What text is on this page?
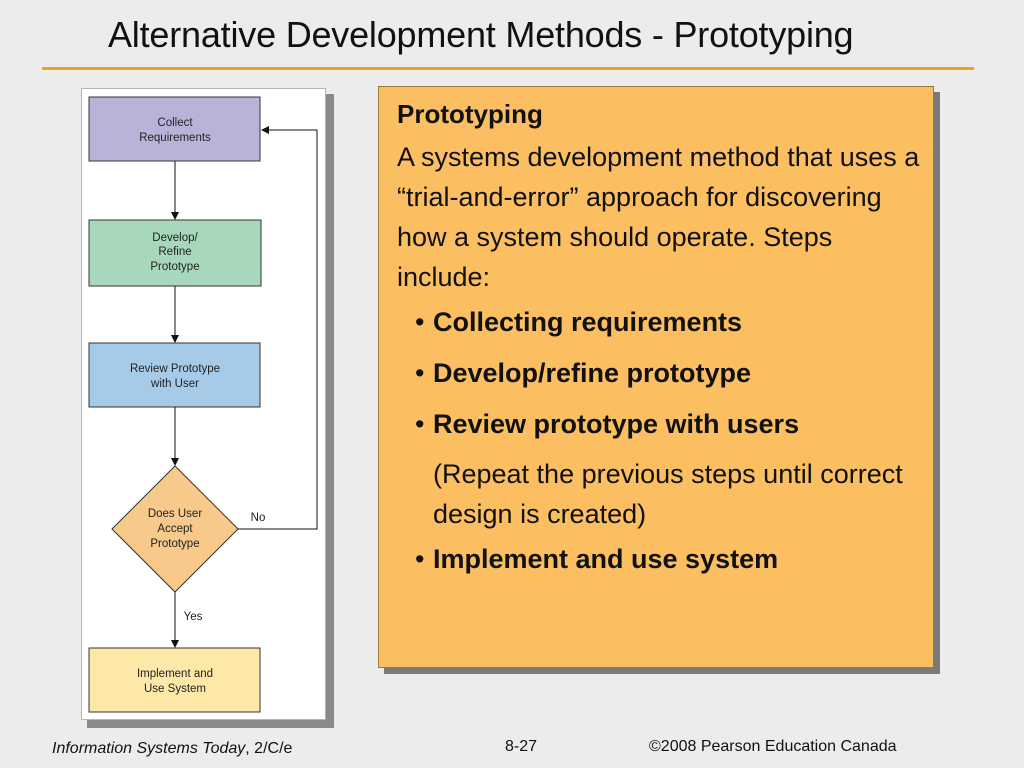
Alternative Development Methods - Prototyping
Collect
Requirements
Develop/
Refine
Prototype
Review Prototype
with User
Does User
Accept
Prototype
No
Yes
Implement and
Use System
Prototyping
A systems development method that uses a “trial-and-error” approach for discovering how a system should operate. Steps include:
• Collecting requirements
• Develop/refine prototype
• Review prototype with users
(Repeat the previous steps until correct design is created)
• Implement and use system
Information Systems Today, 2/C/e	8-27	©2008 Pearson Education Canada
